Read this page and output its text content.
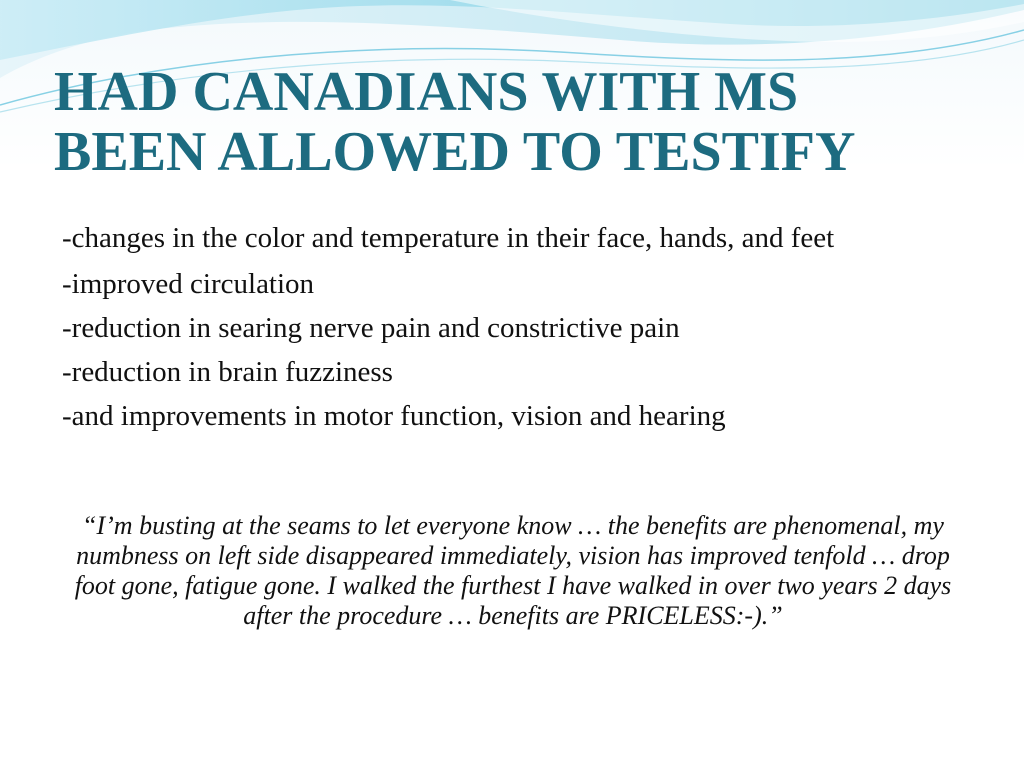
HAD CANADIANS WITH MS
BEEN ALLOWED TO TESTIFY
-changes in the color and temperature in their face, hands, and feet
-improved circulation
-reduction in searing nerve pain and constrictive pain
-reduction in brain fuzziness
-and improvements in motor function, vision and hearing

“I’m busting at the seams to let everyone know … the benefits are phenomenal, my numbness on left side disappeared immediately, vision has improved tenfold … drop foot gone, fatigue gone. I walked the furthest I have walked in over two years 2 days after the procedure … benefits are PRICELESS:-).”
